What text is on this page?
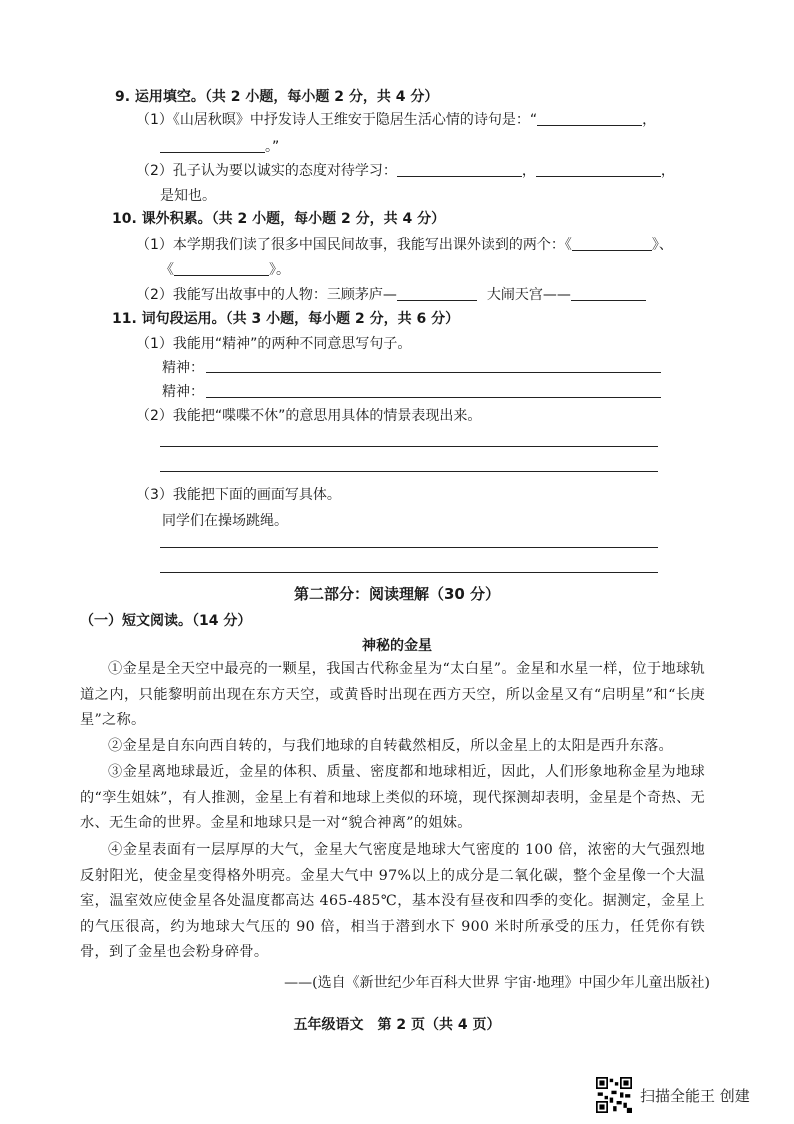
9. 运用填空。（共 2 小题，每小题 2 分，共 4 分）
（1）《山居秋暝》中抒发诗人王维安于隐居生活心情的诗句是：“	，
。”
（2）孔子认为要以诚实的态度对待学习：	，	，
是知也。
10. 课外积累。（共 2 小题，每小题 2 分，共 4 分）
（1）本学期我们读了很多中国民间故事，我能写出课外读到的两个：《	》、
《	》。
（2）我能写出故事中的人物：三顾茅庐—	大闹天宫——
11. 词句段运用。（共 3 小题，每小题 2 分，共 6 分）
（1）我能用“精神”的两种不同意思写句子。
精神：
精神：
（2）我能把“喋喋不休”的意思用具体的情景表现出来。
（3）我能把下面的画面写具体。
同学们在操场跳绳。
第二部分：阅读理解（30 分）
（一）短文阅读。（14 分）
神秘的金星
①金星是全天空中最亮的一颗星，我国古代称金星为“太白星”。金星和水星一样，位于地球轨道之内，只能黎明前出现在东方天空，或黄昏时出现在西方天空，所以金星又有“启明星”和“长庚星”之称。
②金星是自东向西自转的，与我们地球的自转截然相反，所以金星上的太阳是西升东落。
③金星离地球最近，金星的体积、质量、密度都和地球相近，因此，人们形象地称金星为地球的“孪生姐妹”，有人推测，金星上有着和地球上类似的环境，现代探测却表明，金星是个奇热、无水、无生命的世界。金星和地球只是一对“貌合神离”的姐妹。
④金星表面有一层厚厚的大气，金星大气密度是地球大气密度的 100 倍，浓密的大气强烈地反射阳光，使金星变得格外明亮。金星大气中 97%以上的成分是二氧化碳，整个金星像一个大温室，温室效应使金星各处温度都高达 465-485℃，基本没有昼夜和四季的变化。据测定，金星上的气压很高，约为地球大气压的 90 倍，相当于潜到水下 900 米时所承受的压力，任凭你有铁骨，到了金星也会粉身碎骨。
——(选自《新世纪少年百科大世界 宇宙·地理》中国少年儿童出版社)
五年级语文　第 2 页（共 4 页）
扫描全能王 创建
